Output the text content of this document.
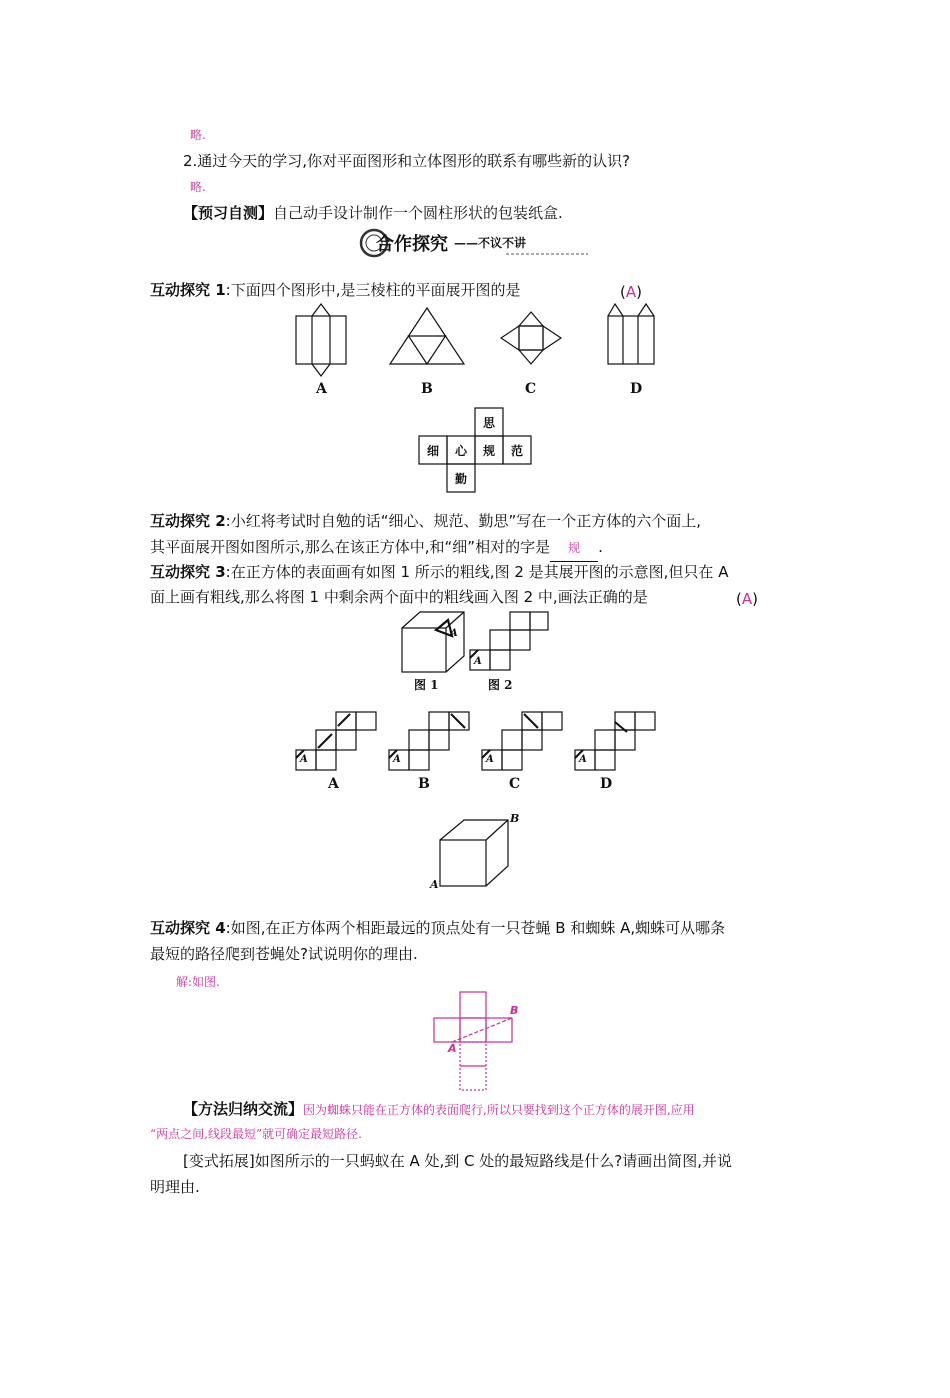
略.
2.通过今天的学习,你对平面图形和立体图形的联系有哪些新的认识?
略.
【预习自测】自己动手设计制作一个圆柱形状的包装纸盒.
合作探究 ——不议不讲
互动探究 1:下面四个图形中,是三棱柱的平面展开图的是	(A)
A	B	C	D
思
细 心 规 范
勤
互动探究 2:小红将考试时自勉的话“细心、规范、勤思”写在一个正方体的六个面上,
其平面展开图如图所示,那么在该正方体中,和“细”相对的字是 规 .
互动探究 3:在正方体的表面画有如图 1 所示的粗线,图 2 是其展开图的示意图,但只在 A
面上画有粗线,那么将图 1 中剩余两个面中的粗线画入图 2 中,画法正确的是	(A)
A
A
图 1	图 2
A	A	A	A
A	B	C	D
B
A
互动探究 4:如图,在正方体两个相距最远的顶点处有一只苍蝇 B 和蜘蛛 A,蜘蛛可从哪条
最短的路径爬到苍蝇处?试说明你的理由.
解:如图.
B
A
【方法归纳交流】因为蜘蛛只能在正方体的表面爬行,所以只要找到这个正方体的展开图,应用
“两点之间,线段最短”就可确定最短路径.
[变式拓展]如图所示的一只蚂蚁在 A 处,到 C 处的最短路线是什么?请画出简图,并说
明理由.
